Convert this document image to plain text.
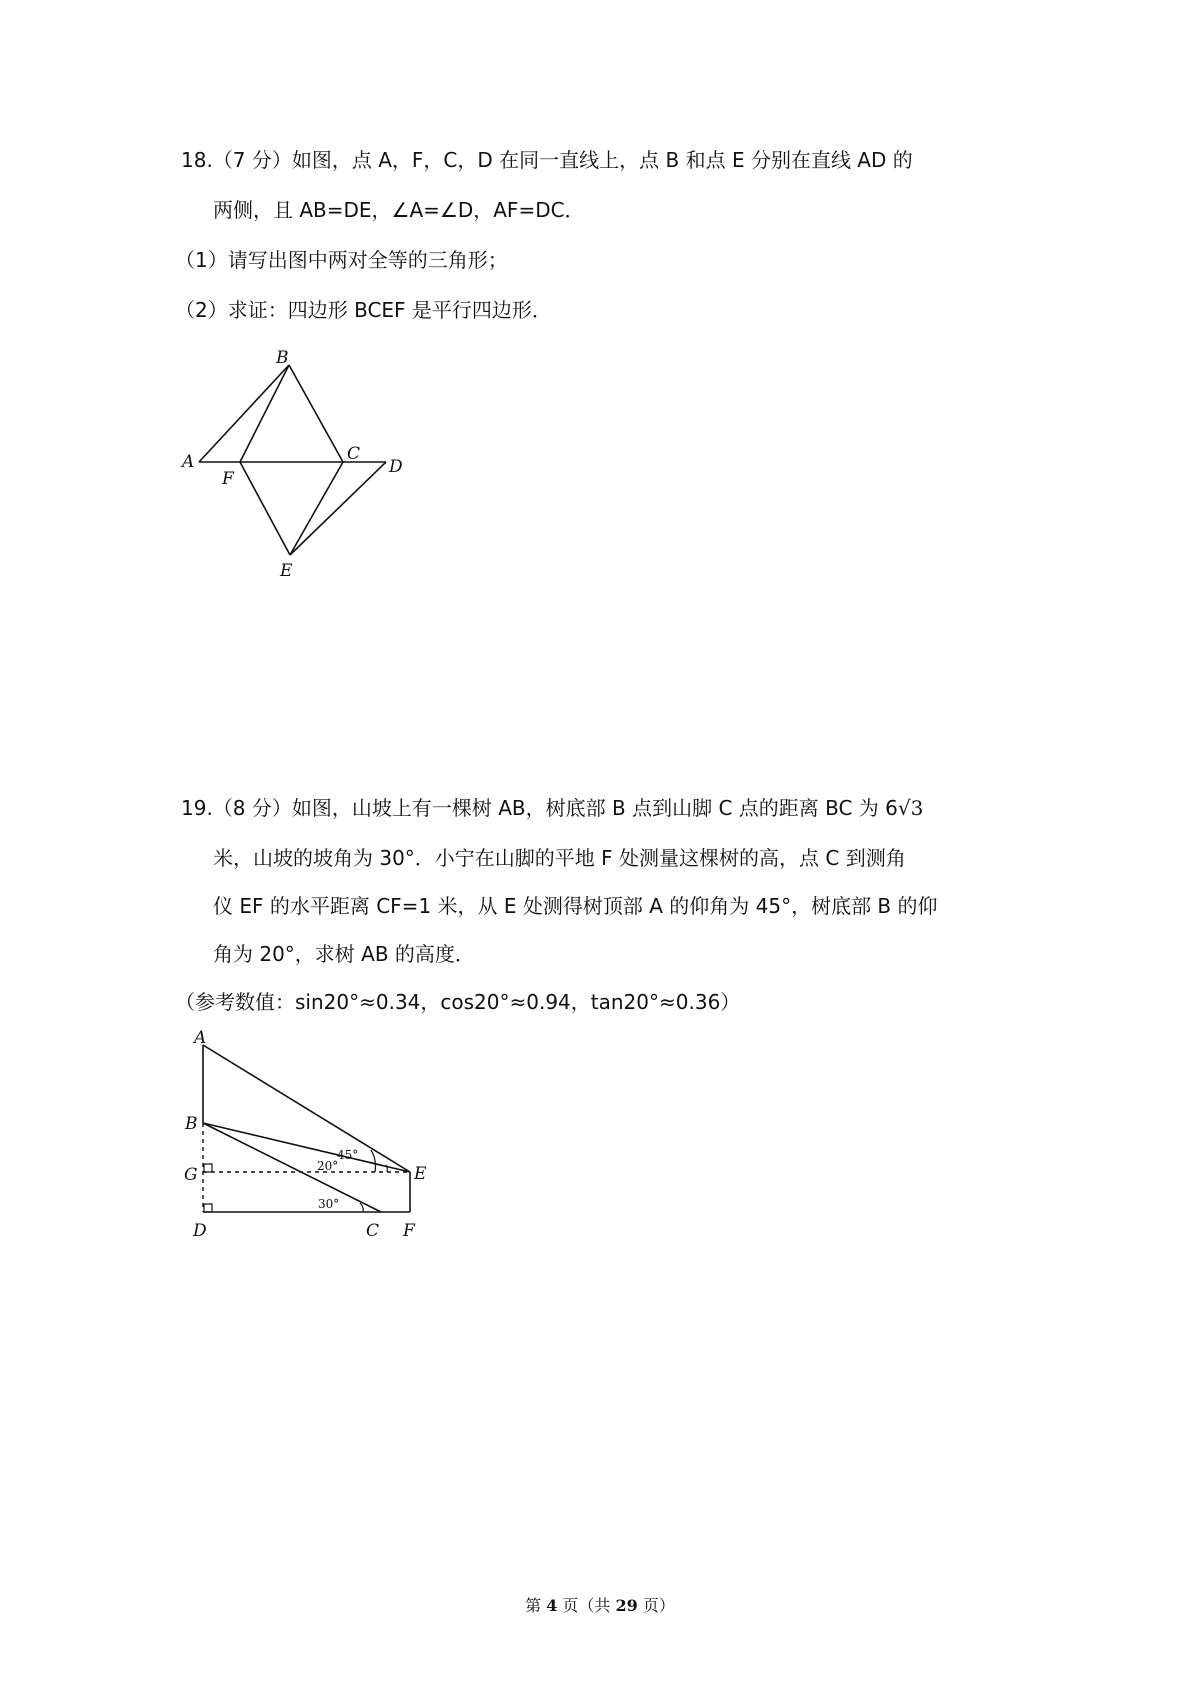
18.（7 分）如图，点 A，F，C，D 在同一直线上，点 B 和点 E 分别在直线 AD 的
两侧，且 AB=DE，∠A=∠D，AF=DC．
（1）请写出图中两对全等的三角形；
（2）求证：四边形 BCEF 是平行四边形．
B
A
F
C
D
E
19.（8 分）如图，山坡上有一棵树 AB，树底部 B 点到山脚 C 点的距离 BC 为 6√3
米，山坡的坡角为 30°．小宁在山脚的平地 F 处测量这棵树的高，点 C 到测角
仪 EF 的水平距离 CF=1 米，从 E 处测得树顶部 A 的仰角为 45°，树底部 B 的仰
角为 20°，求树 AB 的高度．
（参考数值：sin20°≈0.34，cos20°≈0.94，tan20°≈0.36）
A
B
G
D	C F
E
45°
20°
30°
第 4 页（共 29 页）
